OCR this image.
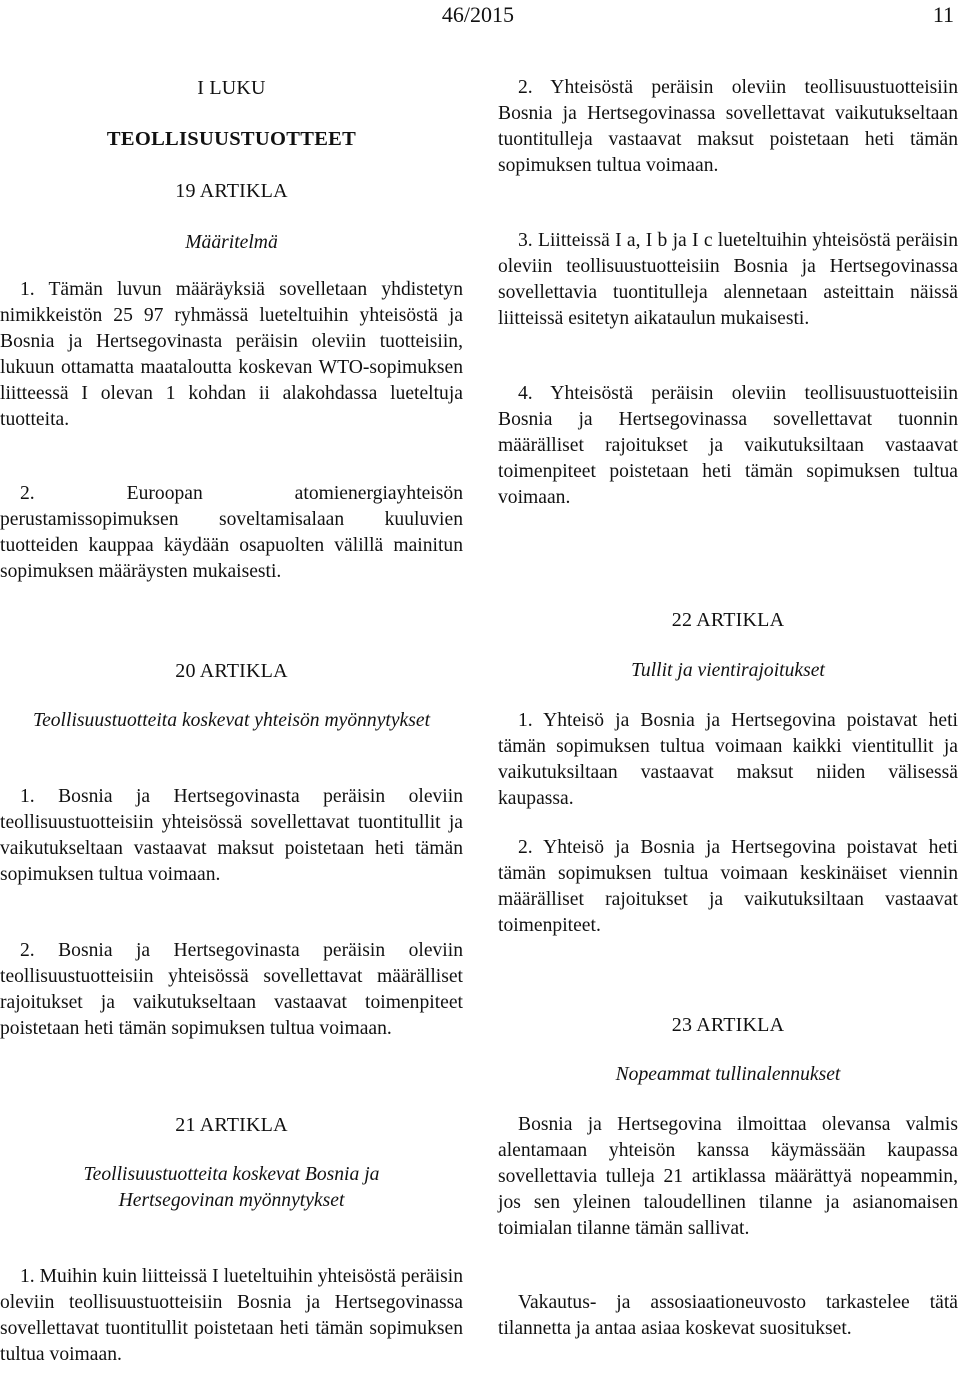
46/2015	11
I LUKU
TEOLLISUUSTUOTTEET
19 ARTIKLA
Määritelmä
1. Tämän luvun määräyksiä sovelletaan yhdistetyn nimikkeistön 25 97 ryhmässä lueteltuihin yhteisöstä ja Bosnia ja Hertsegovinasta peräisin oleviin tuotteisiin, lukuun ottamatta maataloutta koskevan WTO-sopimuksen liitteessä I olevan 1 kohdan ii alakohdassa lueteltuja tuotteita.
2. Euroopan atomienergiayhteisön perustamissopimuksen soveltamisalaan kuuluvien tuotteiden kauppaa käydään osapuolten välillä mainitun sopimuksen määräysten mukaisesti.
20 ARTIKLA
Teollisuustuotteita koskevat yhteisön myönnytykset
1. Bosnia ja Hertsegovinasta peräisin oleviin teollisuustuotteisiin yhteisössä sovellettavat tuontitullit ja vaikutukseltaan vastaavat maksut poistetaan heti tämän sopimuksen tultua voimaan.
2. Bosnia ja Hertsegovinasta peräisin oleviin teollisuustuotteisiin yhteisössä sovellettavat määrälliset rajoitukset ja vaikutukseltaan vastaavat toimenpiteet poistetaan heti tämän sopimuksen tultua voimaan.
21 ARTIKLA
Teollisuustuotteita koskevat Bosnia ja Hertsegovinan myönnytykset
1. Muihin kuin liitteissä I lueteltuihin yhteisöstä peräisin oleviin teollisuustuotteisiin Bosnia ja Hertsegovinassa sovellettavat tuontitullit poistetaan heti tämän sopimuksen tultua voimaan.
2. Yhteisöstä peräisin oleviin teollisuustuotteisiin Bosnia ja Hertsegovinassa sovellettavat vaikutukseltaan tuontitulleja vastaavat maksut poistetaan heti tämän sopimuksen tultua voimaan.
3. Liitteissä I a, I b ja I c lueteltuihin yhteisöstä peräisin oleviin teollisuustuotteisiin Bosnia ja Hertsegovinassa sovellettavia tuontitulleja alennetaan asteittain näissä liitteissä esitetyn aikataulun mukaisesti.
4. Yhteisöstä peräisin oleviin teollisuustuotteisiin Bosnia ja Hertsegovinassa sovellettavat tuonnin määrälliset rajoitukset ja vaikutuksiltaan vastaavat toimenpiteet poistetaan heti tämän sopimuksen tultua voimaan.
22 ARTIKLA
Tullit ja vientirajoitukset
1. Yhteisö ja Bosnia ja Hertsegovina poistavat heti tämän sopimuksen tultua voimaan kaikki vientitullit ja vaikutuksiltaan vastaavat maksut niiden välisessä kaupassa.
2. Yhteisö ja Bosnia ja Hertsegovina poistavat heti tämän sopimuksen tultua voimaan keskinäiset viennin määrälliset rajoitukset ja vaikutuksiltaan vastaavat toimenpiteet.
23 ARTIKLA
Nopeammat tullinalennukset
Bosnia ja Hertsegovina ilmoittaa olevansa valmis alentamaan yhteisön kanssa käymässään kaupassa sovellettavia tulleja 21 artiklassa määrättyä nopeammin, jos sen yleinen taloudellinen tilanne ja asianomaisen toimialan tilanne tämän sallivat.
Vakautus- ja assosiaationeuvosto tarkastelee tätä tilannetta ja antaa asiaa koskevat suositukset.
